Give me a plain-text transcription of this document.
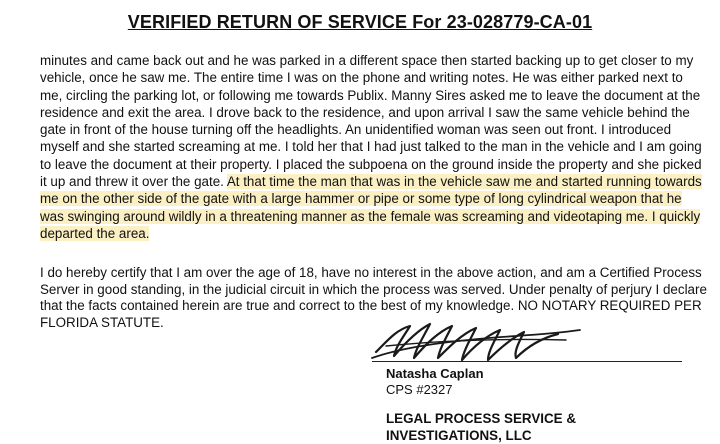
VERIFIED RETURN OF SERVICE For 23-028779-CA-01

minutes and came back out and he was parked in a different space then started backing up to get closer to my vehicle, once he saw me. The entire time I was on the phone and writing notes. He was either parked next to me, circling the parking lot, or following me towards Publix. Manny Sires asked me to leave the document at the residence and exit the area. I drove back to the residence, and upon arrival I saw the same vehicle behind the gate in front of the house turning off the headlights. An unidentified woman was seen out front. I introduced myself and she started screaming at me. I told her that I had just talked to the man in the vehicle and I am going to leave the document at their property. I placed the subpoena on the ground inside the property and she picked it up and threw it over the gate. At that time the man that was in the vehicle saw me and started running towards me on the other side of the gate with a large hammer or pipe or some type of long cylindrical weapon that he was swinging around wildly in a threatening manner as the female was screaming and videotaping me. I quickly departed the area.

I do hereby certify that I am over the age of 18, have no interest in the above action, and am a Certified Process Server in good standing, in the judicial circuit in which the process was served. Under penalty of perjury I declare that the facts contained herein are true and correct to the best of my knowledge. NO NOTARY REQUIRED PER FLORIDA STATUTE.

Natasha Caplan
CPS #2327
LEGAL PROCESS SERVICE &
INVESTIGATIONS, LLC
